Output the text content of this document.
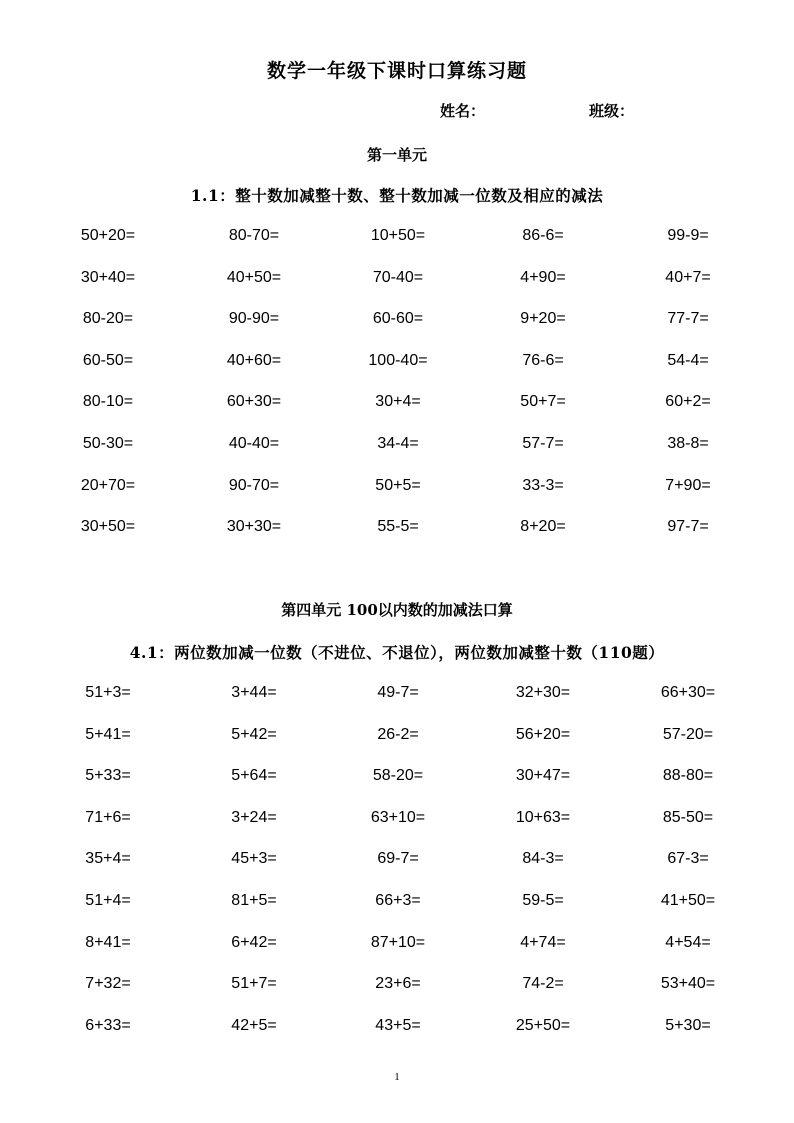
数学一年级下课时口算练习题
姓名：	班级：
第一单元
1.1：整十数加减整十数、整十数加减一位数及相应的减法
50+20=	80-70=	10+50=	86-6=	99-9=
30+40=	40+50=	70-40=	4+90=	40+7=
80-20=	90-90=	60-60=	9+20=	77-7=
60-50=	40+60=	100-40=	76-6=	54-4=
80-10=	60+30=	30+4=	50+7=	60+2=
50-30=	40-40=	34-4=	57-7=	38-8=
20+70=	90-70=	50+5=	33-3=	7+90=
30+50=	30+30=	55-5=	8+20=	97-7=
第四单元 100以内数的加减法口算
4.1：两位数加减一位数（不进位、不退位），两位数加减整十数（110题）
51+3=	3+44=	49-7=	32+30=	66+30=
5+41=	5+42=	26-2=	56+20=	57-20=
5+33=	5+64=	58-20=	30+47=	88-80=
71+6=	3+24=	63+10=	10+63=	85-50=
35+4=	45+3=	69-7=	84-3=	67-3=
51+4=	81+5=	66+3=	59-5=	41+50=
8+41=	6+42=	87+10=	4+74=	4+54=
7+32=	51+7=	23+6=	74-2=	53+40=
6+33=	42+5=	43+5=	25+50=	5+30=
1
